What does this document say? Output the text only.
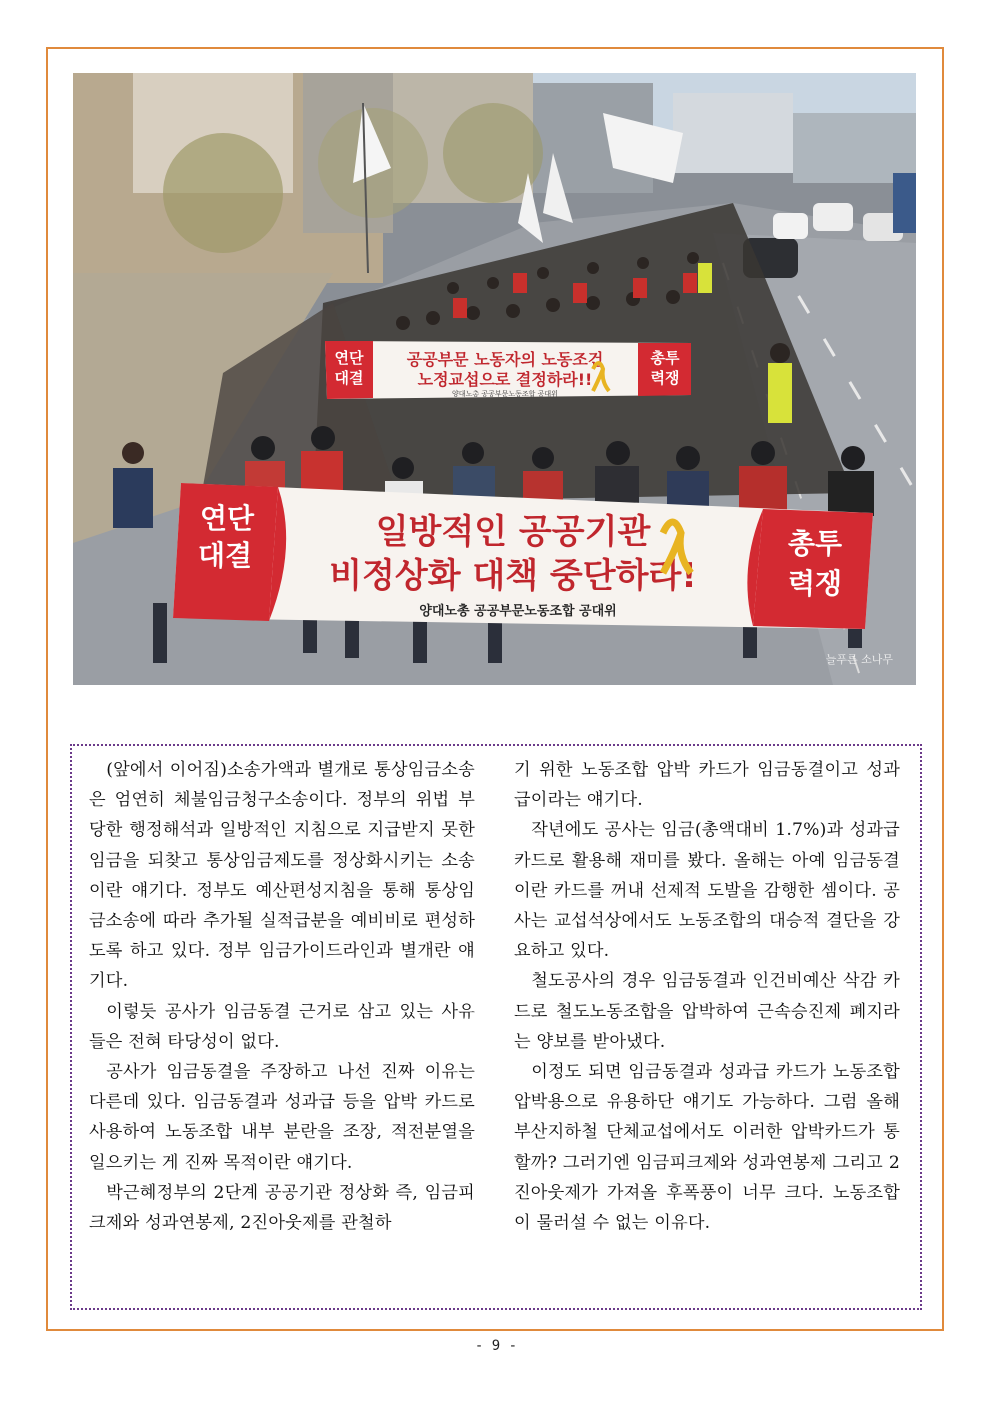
연단
대결
공공부문 노동자의 노동조건
노정교섭으로 결정하라!!
양대노총 공공부문노동조합 공대위
총투
력쟁
연단
대결
일방적인 공공기관
비정상화 대책 중단하라!
양대노총 공공부문노동조합 공대위
총투
력쟁
늘푸른 소나무

(앞에서 이어짐)소송가액과 별개로 통상임금소송은 엄연히 체불임금청구소송이다. 정부의 위법 부당한 행정해석과 일방적인 지침으로 지급받지 못한 임금을 되찾고 통상임금제도를 정상화시키는 소송이란 얘기다. 정부도 예산편성지침을 통해 통상임금소송에 따라 추가될 실적급분을 예비비로 편성하도록 하고 있다. 정부 임금가이드라인과 별개란 얘기다.

이렇듯 공사가 임금동결 근거로 삼고 있는 사유들은 전혀 타당성이 없다.

공사가 임금동결을 주장하고 나선 진짜 이유는 다른데 있다. 임금동결과 성과급 등을 압박 카드로 사용하여 노동조합 내부 분란을 조장, 적전분열을 일으키는 게 진짜 목적이란 얘기다.

박근혜정부의 2단계 공공기관 정상화 즉, 임금피크제와 성과연봉제, 2진아웃제를 관철하

기 위한 노동조합 압박 카드가 임금동결이고 성과급이라는 얘기다.

작년에도 공사는 임금(총액대비 1.7%)과 성과급 카드로 활용해 재미를 봤다. 올해는 아예 임금동결이란 카드를 꺼내 선제적 도발을 감행한 셈이다. 공사는 교섭석상에서도 노동조합의 대승적 결단을 강요하고 있다.

철도공사의 경우 임금동결과 인건비예산 삭감 카드로 철도노동조합을 압박하여 근속승진제 폐지라는 양보를 받아냈다.

이정도 되면 임금동결과 성과급 카드가 노동조합 압박용으로 유용하단 얘기도 가능하다. 그럼 올해 부산지하철 단체교섭에서도 이러한 압박카드가 통할까? 그러기엔 임금피크제와 성과연봉제 그리고 2진아웃제가 가져올 후폭풍이 너무 크다. 노동조합이 물러설 수 없는 이유다.

- 9 -
